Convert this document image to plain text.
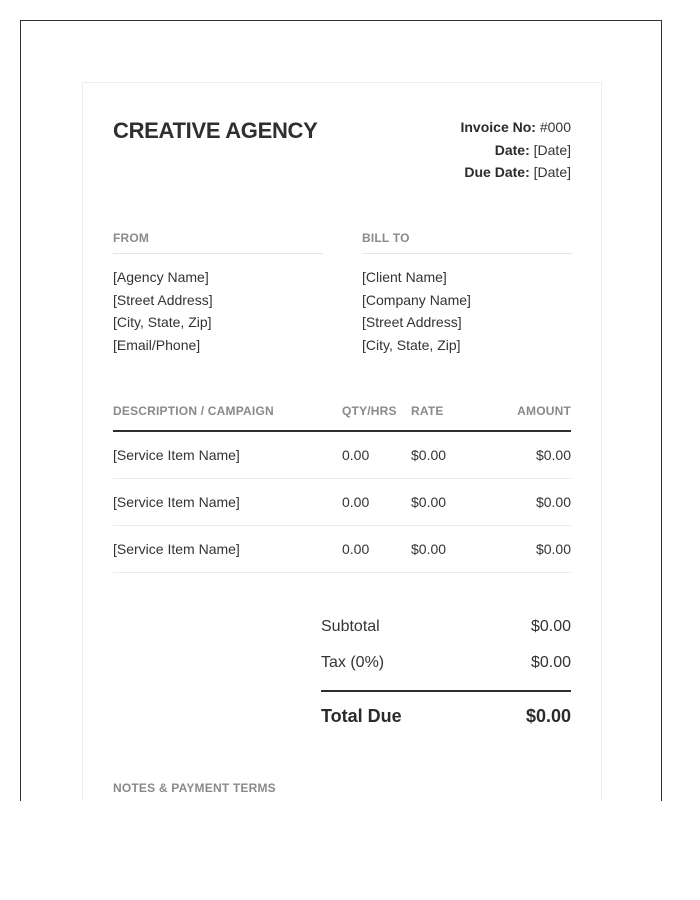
CREATIVE AGENCY	Invoice No: #000
Date: [Date]
Due Date: [Date]
FROM
[Agency Name]
[Street Address]
[City, State, Zip]
[Email/Phone]
BILL TO
[Client Name]
[Company Name]
[Street Address]
[City, State, Zip]
DESCRIPTION / CAMPAIGN	QTY/HRS	RATE	AMOUNT
[Service Item Name]	0.00	$0.00	$0.00
[Service Item Name]	0.00	$0.00	$0.00
[Service Item Name]	0.00	$0.00	$0.00
Subtotal	$0.00
Tax (0%)	$0.00
Total Due	$0.00
NOTES & PAYMENT TERMS
